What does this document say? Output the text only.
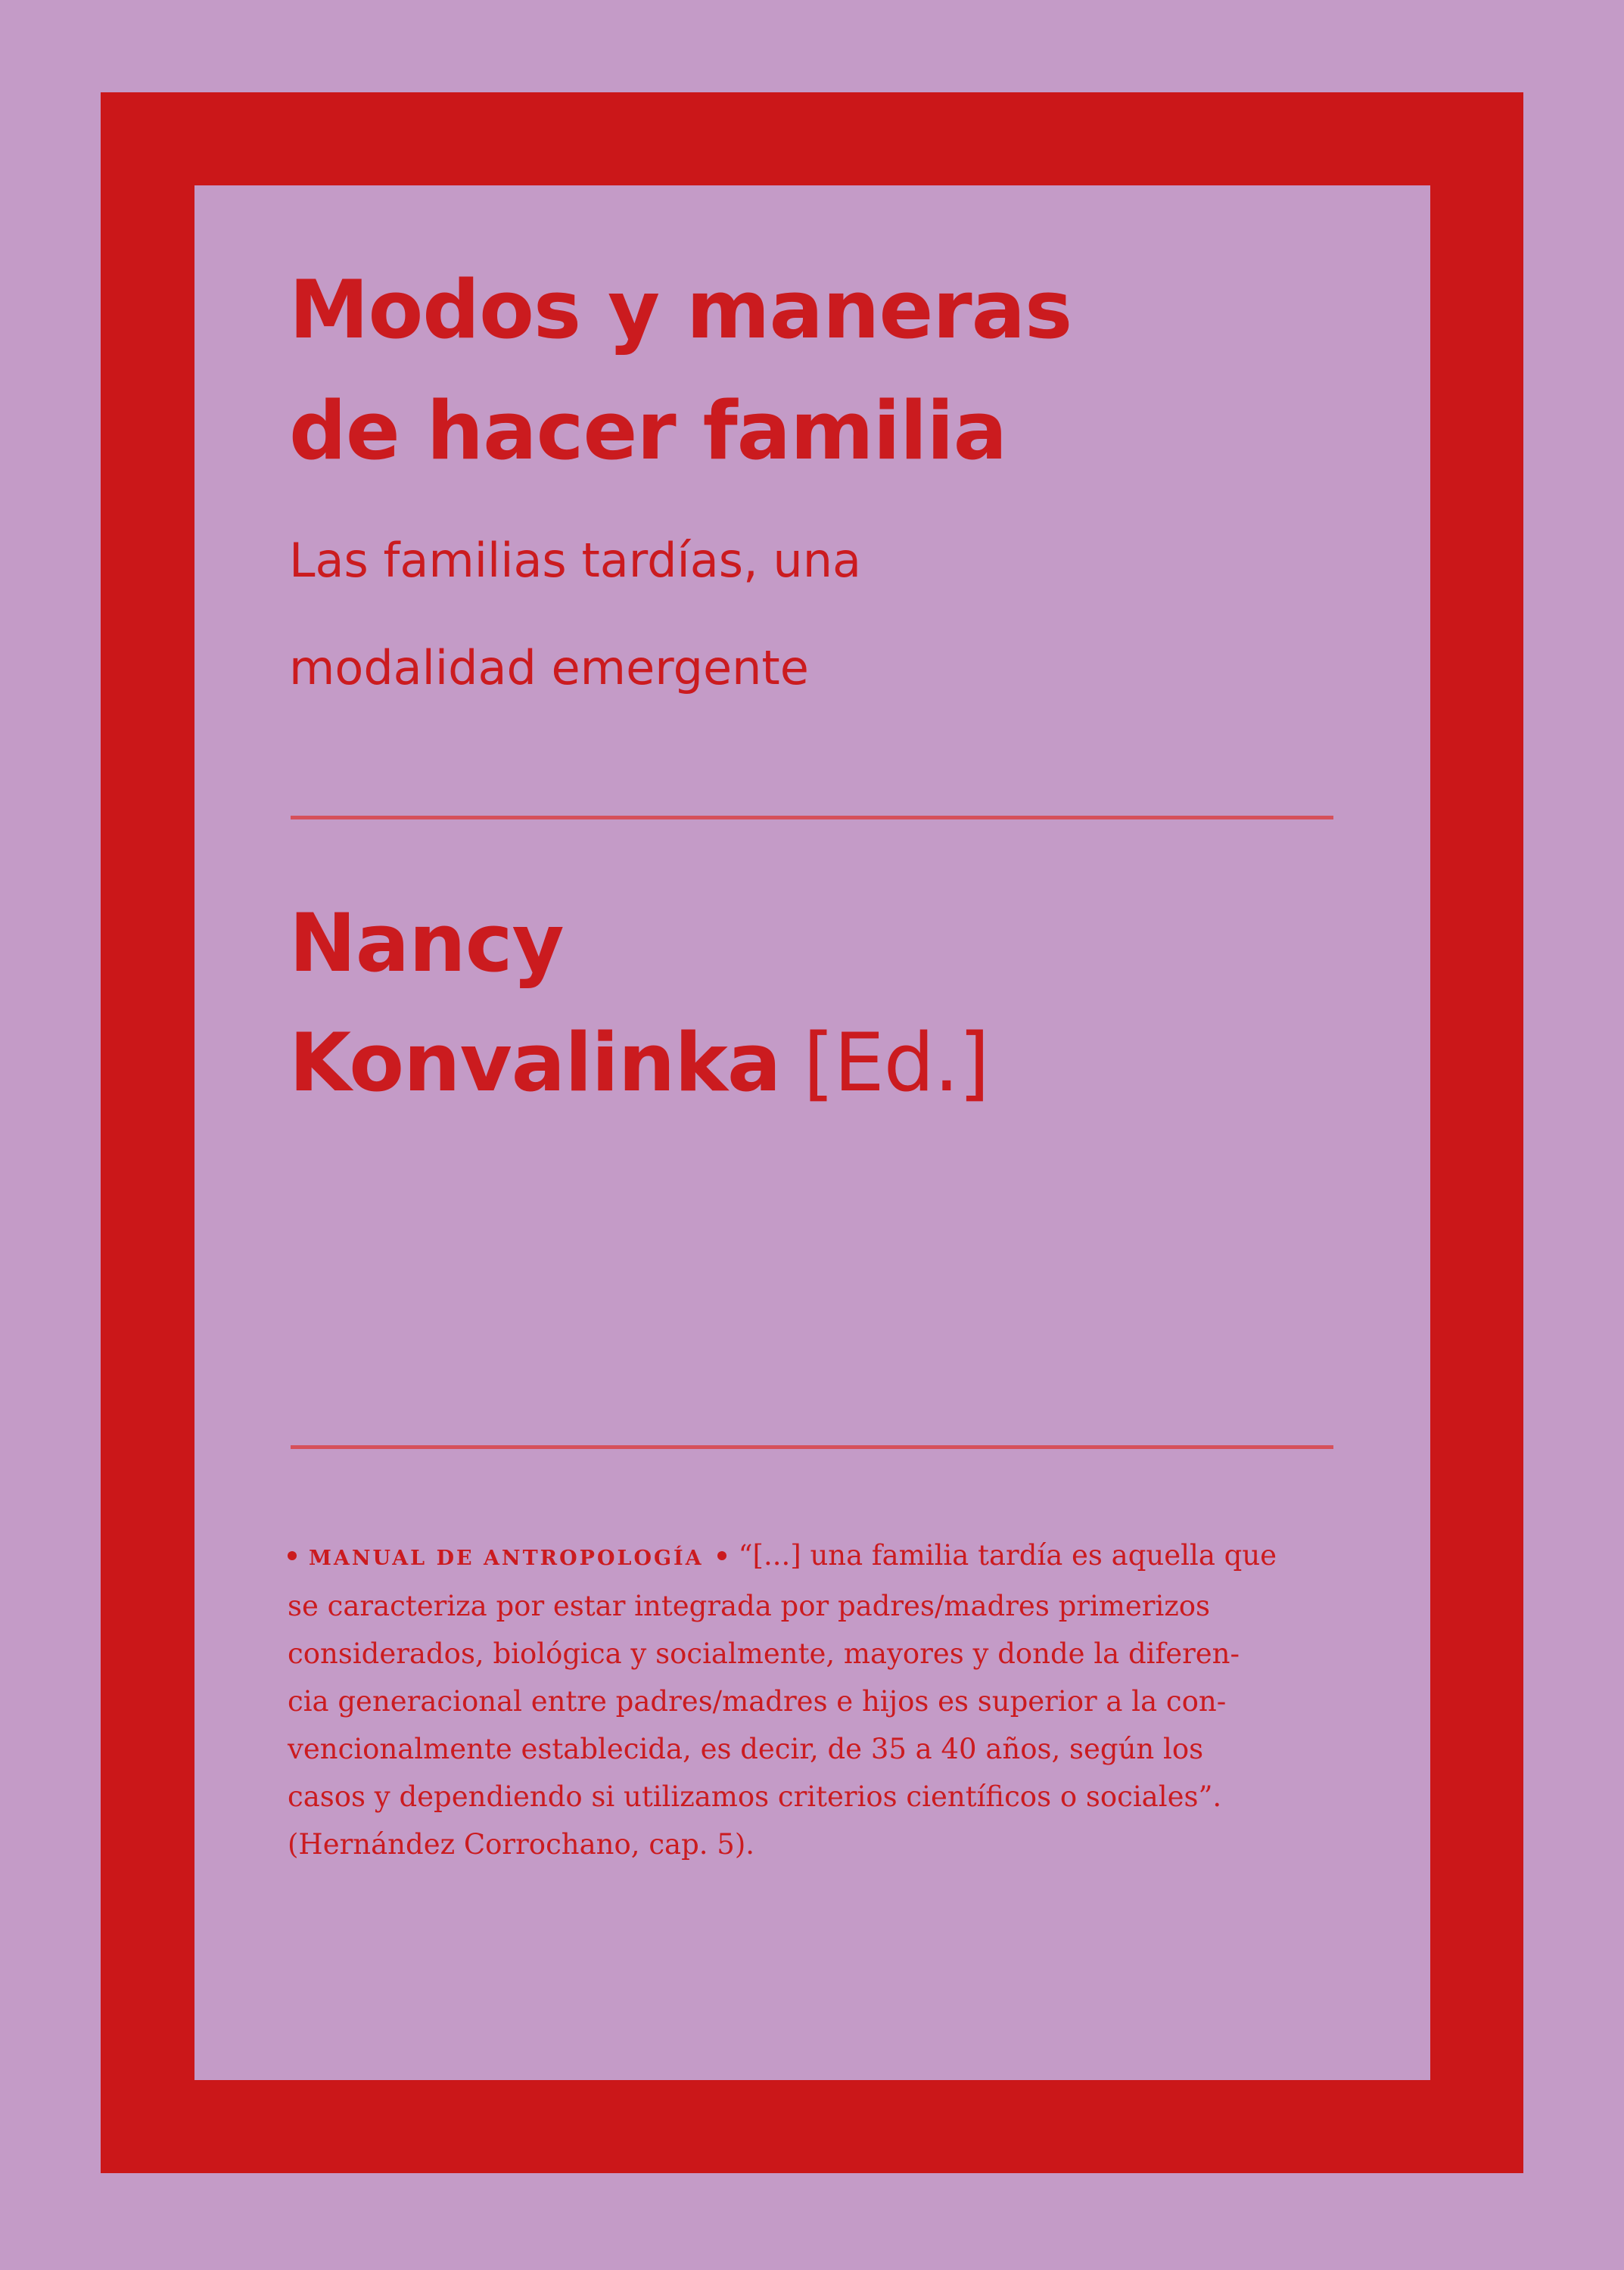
Modos y maneras
de hacer familia
Las familias tardías, una
modalidad emergente
Nancy
Konvalinka [Ed.]
MANUAL DE ANTROPOLOGÍA “[...] una familia tardía es aquella que
se caracteriza por estar integrada por padres/madres primerizos
considerados, biológica y socialmente, mayores y donde la diferen-
cia generacional entre padres/madres e hijos es superior a la con-
vencionalmente establecida, es decir, de 35 a 40 años, según los
casos y dependiendo si utilizamos criterios científicos o sociales”.
(Hernández Corrochano, cap. 5).
